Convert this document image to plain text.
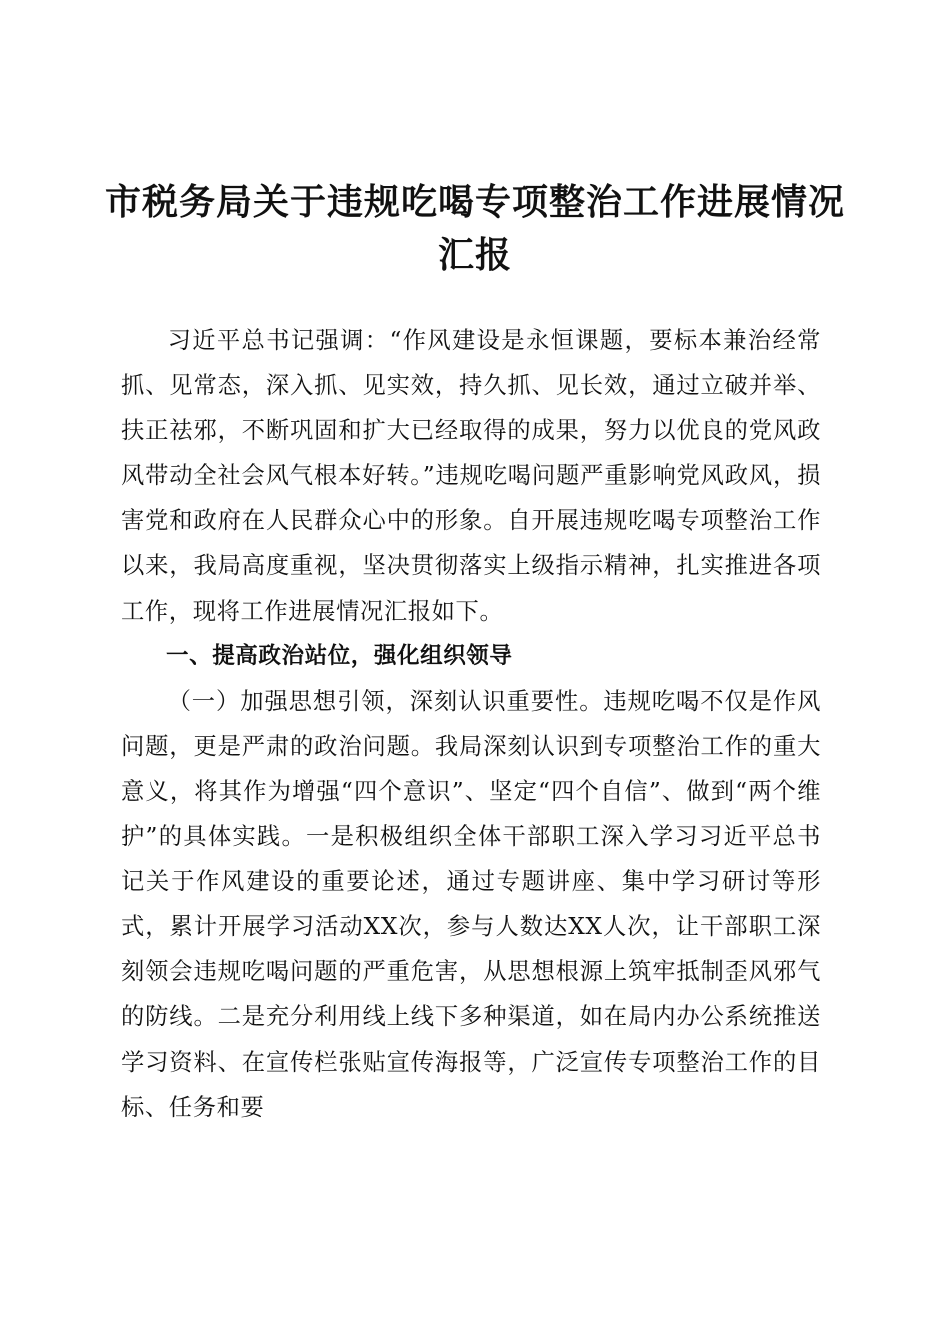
市税务局关于违规吃喝专项整治工作进展情况
汇报

习近平总书记强调：“作风建设是永恒课题，要标本兼治经常抓、见常态，深入抓、见实效，持久抓、见长效，通过立破并举、扶正祛邪，不断巩固和扩大已经取得的成果，努力以优良的党风政风带动全社会风气根本好转。”违规吃喝问题严重影响党风政风，损害党和政府在人民群众心中的形象。自开展违规吃喝专项整治工作以来，我局高度重视，坚决贯彻落实上级指示精神，扎实推进各项工作，现将工作进展情况汇报如下。

一、提高政治站位，强化组织领导

（一）加强思想引领，深刻认识重要性。违规吃喝不仅是作风问题，更是严肃的政治问题。我局深刻认识到专项整治工作的重大意义，将其作为增强“四个意识”、坚定“四个自信”、做到“两个维护”的具体实践。一是积极组织全体干部职工深入学习习近平总书记关于作风建设的重要论述，通过专题讲座、集中学习研讨等形式，累计开展学习活动XX次，参与人数达XX人次，让干部职工深刻领会违规吃喝问题的严重危害，从思想根源上筑牢抵制歪风邪气的防线。二是充分利用线上线下多种渠道，如在局内办公系统推送学习资料、在宣传栏张贴宣传海报等，广泛宣传专项整治工作的目标、任务和要
